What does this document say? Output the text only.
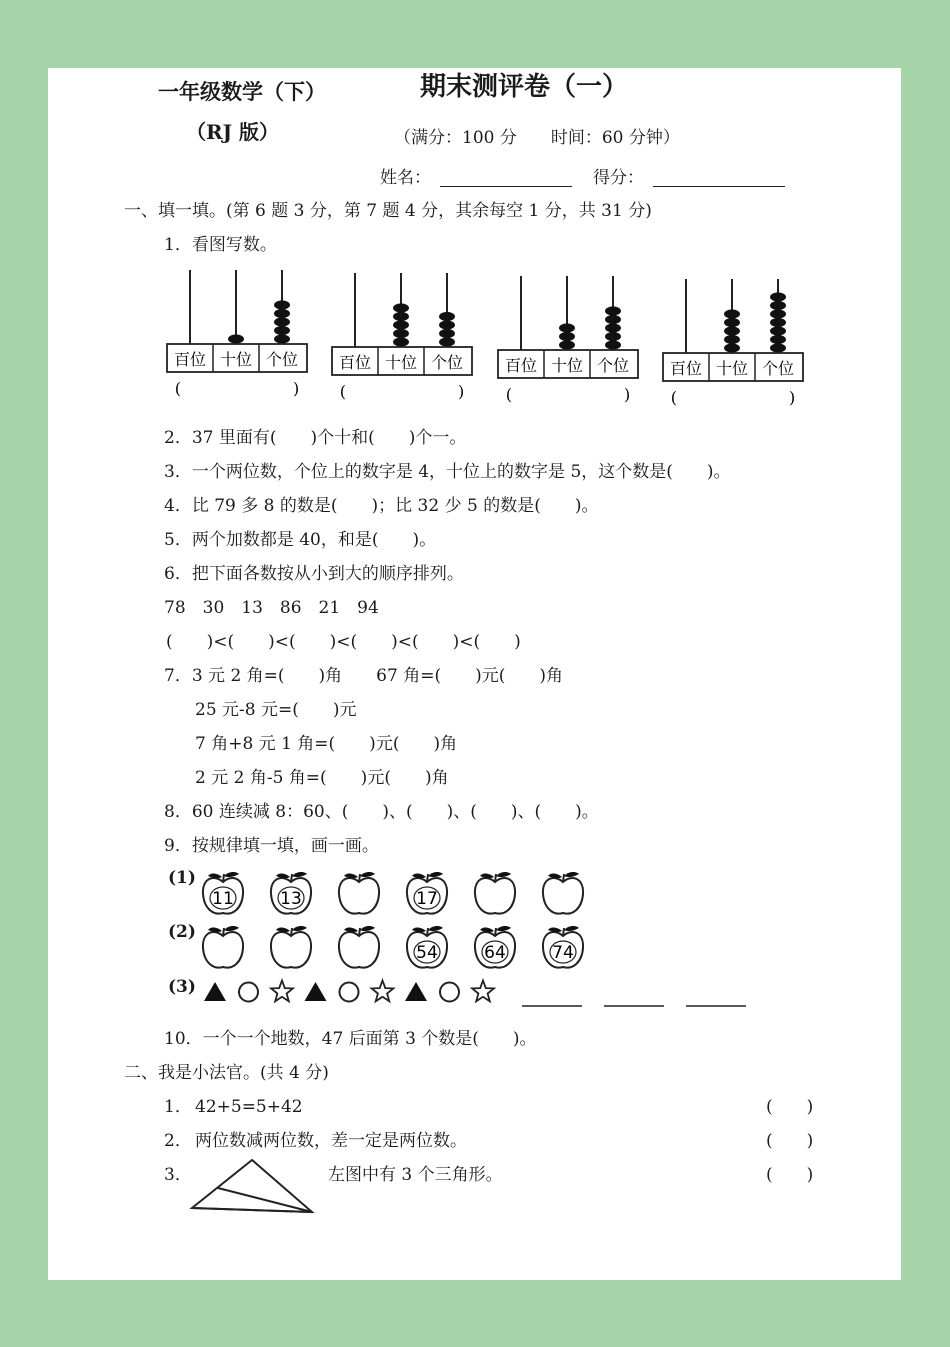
一年级数学（下）	期末测评卷（一）
（RJ 版）	（满分：100 分　　时间：60 分钟）
姓名：	得分：
一、填一填。(第 6 题 3 分，第 7 题 4 分，其余每空 1 分，共 31 分)
1．看图写数。
百位 十位 个位
(　　　　　　　)
百位 十位 个位
(　　　　　　　)
百位 十位 个位
(　　　　　　　)
百位 十位 个位
(　　　　　　　)
2．37 里面有(　　)个十和(　　)个一。
3．一个两位数，个位上的数字是 4，十位上的数字是 5，这个数是(　　)。
4．比 79 多 8 的数是(　　)；比 32 少 5 的数是(　　)。
5．两个加数都是 40，和是(　　)。
6．把下面各数按从小到大的顺序排列。
78　30　13　86　21　94
(　　)<(　　)<(　　)<(　　)<(　　)<(　　)
7．3 元 2 角=(　　)角　　67 角=(　　)元(　　)角
25 元-8 元=(　　)元
7 角+8 元 1 角=(　　)元(　　)角
2 元 2 角-5 角=(　　)元(　　)角
8．60 连续减 8：60、(　　)、(　　)、(　　)、(　　)。
9．按规律填一填，画一画。
(1)
11	13	17
(2)
54	64	74
(3)
10．一个一个地数，47 后面第 3 个数是(　　)。
二、我是小法官。(共 4 分)
1． 42+5=5+42	(　　)
2． 两位数减两位数，差一定是两位数。	(　　)
3．	左图中有 3 个三角形。	(　　)
